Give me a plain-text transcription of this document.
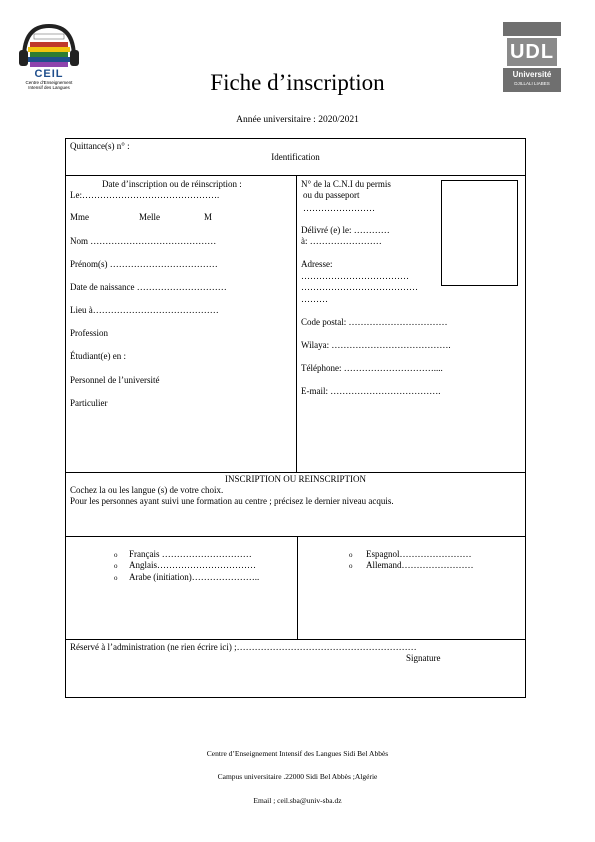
CEIL
Centre d'Enseignement
Intensif des Langues
UDL
Université
DJILLALI LIABES
Fiche d’inscription
Année universitaire : 2020/2021
Quittance(s) n° :
Identification
Date d’inscription ou de réinscription :
Le:……………………………………….
Mme	Melle	M
Nom ……………………………………
Prénom(s) ………………………………
Date de naissance …………………………
Lieu à……………………………………
Profession
Étudiant(e) en :
Personnel de l’université
Particulier
N° de la C.N.I du permis
ou du passeport
……………………
Délivré (e) le: …………
à: ……………………
Adresse:
………………………………
…………………………………
………
Code postal: ……………………………
Wilaya: ………………………………….
Téléphone: …………………………....
E-mail: ……………………………….
INSCRIPTION OU REINSCRIPTION
Cochez la ou les langue (s) de votre choix.
Pour les personnes ayant suivi une formation au centre ; précisez le dernier niveau acquis.
o Français …………………………
o Anglais……………………………
o Arabe (initiation)…………………..
o Espagnol……………………
o Allemand……………………
Réservé à l’administration (ne rien écrire ici) ;……………………………………………………
Signature
Centre d’Enseignement Intensif des Langues Sidi Bel Abbès
Campus universitaire .22000 Sidi Bel Abbès ;Algérie
Email ; ceil.sba@univ-sba.dz
